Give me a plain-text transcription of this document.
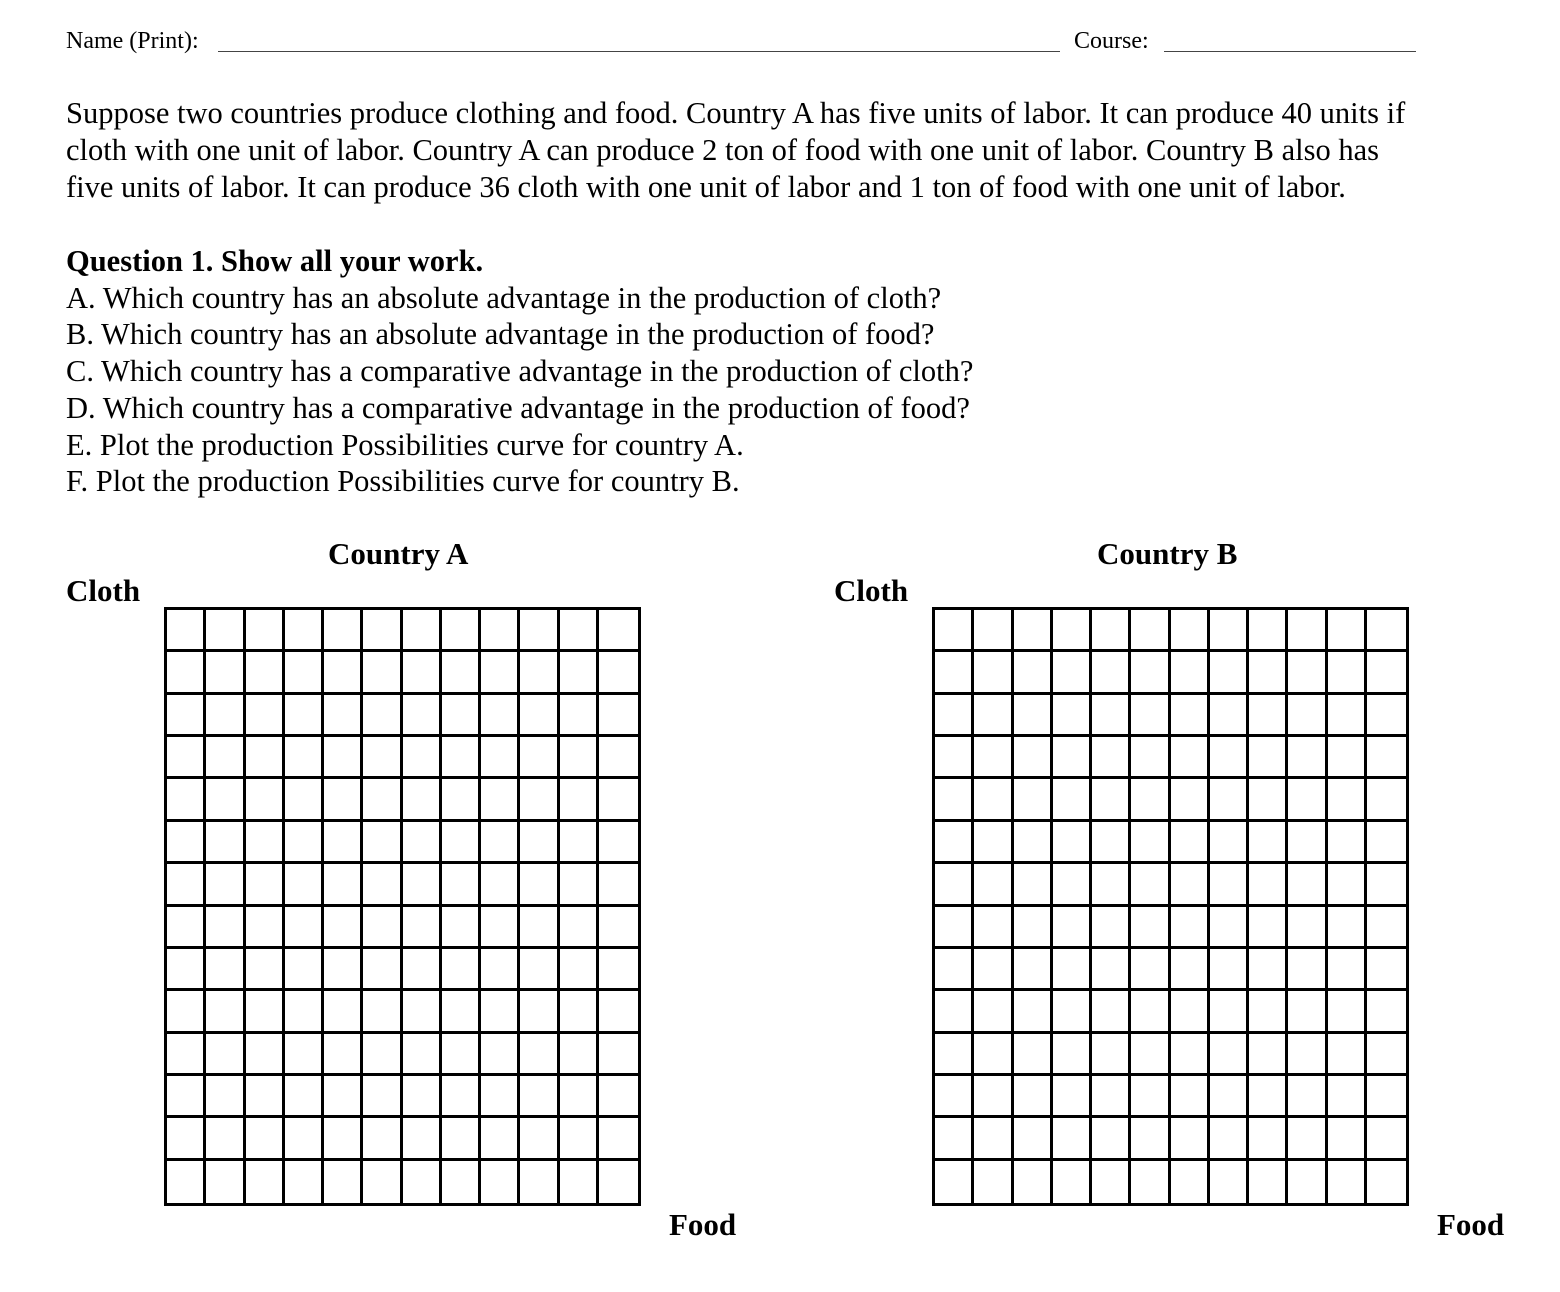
Name (Print):	Course:
Suppose two countries produce clothing and food. Country A has five units of labor. It can produce 40 units if
cloth with one unit of labor. Country A can produce 2 ton of food with one unit of labor. Country B also has
five units of labor. It can produce 36 cloth with one unit of labor and 1 ton of food with one unit of labor.
Question 1. Show all your work.
A. Which country has an absolute advantage in the production of cloth?
B. Which country has an absolute advantage in the production of food?
C. Which country has a comparative advantage in the production of cloth?
D. Which country has a comparative advantage in the production of food?
E. Plot the production Possibilities curve for country A.
F. Plot the production Possibilities curve for country B.
Country A
Cloth
Food
Country B
Cloth
Food
